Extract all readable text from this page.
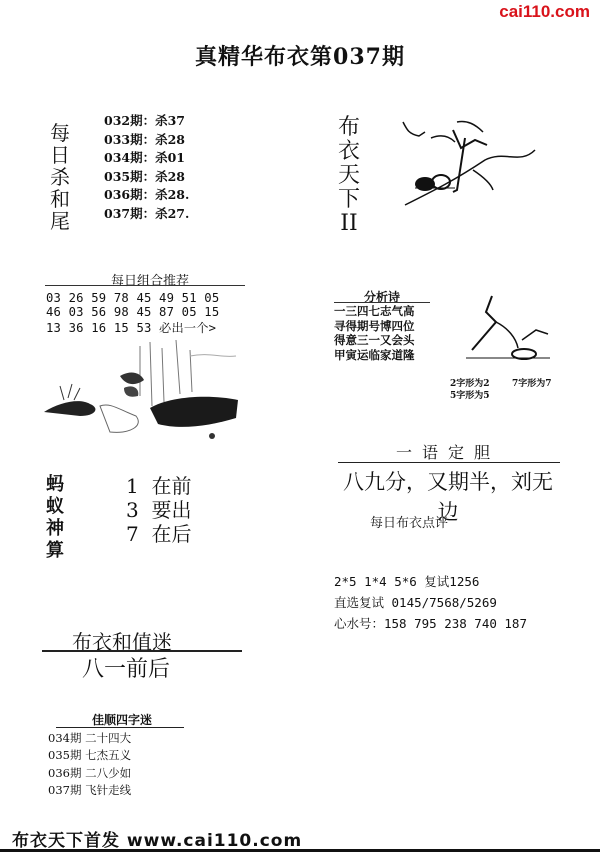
cai110.com
真精华布衣第037期
每
日
杀
和
尾
032期：杀37
033期：杀28
034期：杀01
035期：杀28
036期：杀28.
037期：杀27.
布
衣
天
下
II
每日组合推荐
03 26 59 78 45 49 51 05
46 03 56 98 45 87 05 15
13 36 16 15 53 必出一个>
分析诗
一三四七志气高
寻得期号博四位
得意三一又会头
甲寅运临家道隆
2字形为2 7字形为7
5字形为5
一语定胆
八九分，又期半，刘无边
每日布衣点评
2*5 1*4 5*6 复试1256
直选复试 0145/7568/5269
心水号：158 795 238 740 187
蚂
蚁
神
算
1 在前
3 要出
7 在后
布衣和值迷
八一前后
佳顺四字迷
034期 二十四大
035期 七杰五义
036期 二八少如
037期 飞针走线
布衣天下首发 www.cai110.com
